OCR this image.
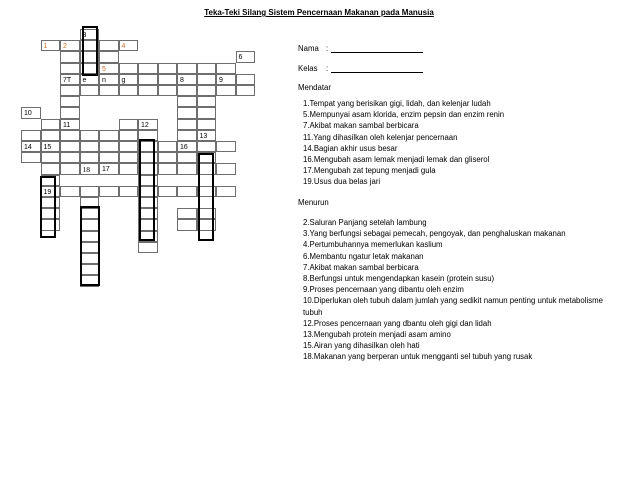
Teka-Teki Silang Sistem Pencernaan Makanan pada Manusia
1	2	4
6
5
7T	e	n	g	8	9
10
15
19
11	12
13
14	16
18	17
3
Nama :
Kelas :
Mendatar
1.Tempat yang berisikan gigi, lidah, dan kelenjar ludah
5.Mempunyai asam klorida, enzim pepsin dan enzim renin
7.Akibat makan sambal berbicara
11.Yang dihasilkan oleh kelenjar pencernaan
14.Bagian akhir usus besar
16.Mengubah asam lemak menjadi lemak dan gliserol
17.Mengubah zat tepung menjadi gula
19.Usus dua belas jari
Menurun
2.Saluran Panjang setelah lambung
3.Yang berfungsi sebagai pemecah, pengoyak, dan penghaluskan makanan
4.Pertumbuhannya memerlukan kaslium
6.Membantu ngatur letak makanan
7.Akibat makan sambal berbicara
8.Berfungsi untuk mengendapkan kasein (protein susu)
9.Proses pencernaan yang dibantu oleh enzim
10.Diperlukan oleh tubuh dalam jumlah yang sedikit namun penting untuk metabolisme tubuh
12.Proses pencernaan yang dbantu oleh gigi dan lidah
13.Mengubah protein menjadi asam amino
15.Airan yang dihasilkan oleh hati
18.Makanan yang berperan untuk mengganti sel tubuh yang rusak
